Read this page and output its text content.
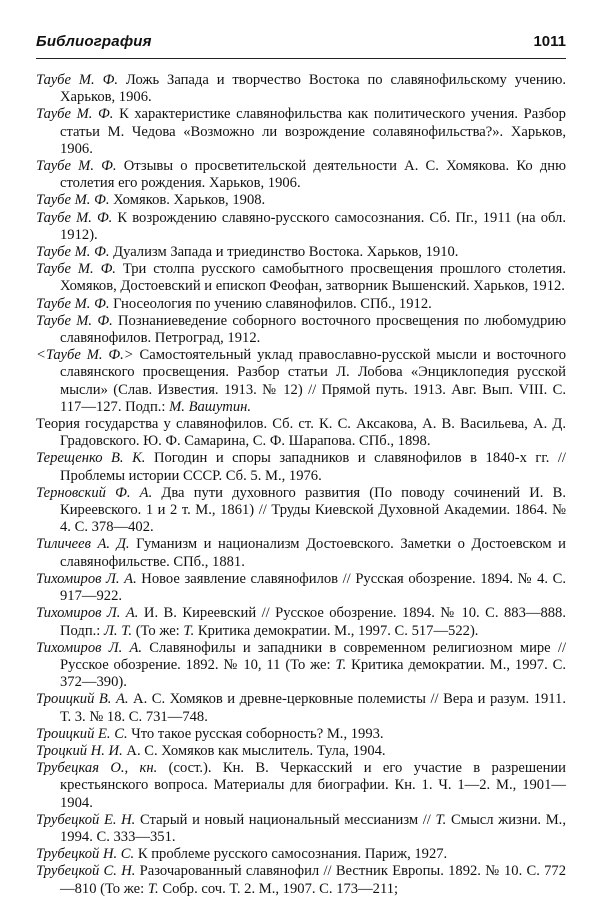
Библиография	1011

Таубе М. Ф. Ложь Запада и творчество Востока по славянофильскому учению. Харьков, 1906.

Таубе М. Ф. К характеристике славянофильства как политического учения. Разбор статьи М. Чедова «Возможно ли возрождение солавянофильства?». Харьков, 1906.

Таубе М. Ф. Отзывы о просветительской деятельности А. С. Хомякова. Ко дню столетия его рождения. Харьков, 1906.

Таубе М. Ф. Хомяков. Харьков, 1908.

Таубе М. Ф. К возрождению славяно-русского самосознания. Сб. Пг., 1911 (на обл. 1912).

Таубе М. Ф. Дуализм Запада и триединство Востока. Харьков, 1910.

Таубе М. Ф. Три столпа русского самобытного просвещения прошлого столетия. Хомяков, Достоевский и епископ Феофан, затворник Вышенский. Харьков, 1912.

Таубе М. Ф. Гносеология по учению славянофилов. СПб., 1912.

Таубе М. Ф. Познаниеведение соборного восточного просвещения по любомудрию славянофилов. Петроград, 1912.

<Таубе М. Ф.> Самостоятельный уклад православно-русской мысли и восточного славянского просвещения. Разбор статьи Л. Лобова «Энциклопедия русской мысли» (Слав. Известия. 1913. № 12) // Прямой путь. 1913. Авг. Вып. VIII. С. 117—127. Подп.: М. Вашутин.

Теория государства у славянофилов. Сб. ст. К. С. Аксакова, А. В. Васильева, А. Д. Градовского. Ю. Ф. Самарина, С. Ф. Шарапова. СПб., 1898.

Терещенко В. К. Погодин и споры западников и славянофилов в 1840-х гг. // Проблемы истории СССР. Сб. 5. М., 1976.

Терновский Ф. А. Два пути духовного развития (По поводу сочинений И. В. Киреевского. 1 и 2 т. М., 1861) // Труды Киевской Духовной Академии. 1864. № 4. С. 378—402.

Тиличеев А. Д. Гуманизм и национализм Достоевского. Заметки о Достоевском и славянофильстве. СПб., 1881.

Тихомиров Л. А. Новое заявление славянофилов // Русская обозрение. 1894. № 4. С. 917—922.

Тихомиров Л. А. И. В. Киреевский // Русское обозрение. 1894. № 10. С. 883—888. Подп.: Л. Т. (То же: Т. Критика демократии. М., 1997. С. 517—522).

Тихомиров Л. А. Славянофилы и западники в современном религиозном мире // Русское обозрение. 1892. № 10, 11 (То же: Т. Критика демократии. М., 1997. С. 372—390).

Троицкий В. А. А. С. Хомяков и древне-церковные полемисты // Вера и разум. 1911. Т. 3. № 18. С. 731—748.

Троицкий Е. С. Что такое русская соборность? М., 1993.

Троцкий Н. И. А. С. Хомяков как мыслитель. Тула, 1904.

Трубецкая О., кн. (сост.). Кн. В. Черкасский и его участие в разрешении крестьянского вопроса. Материалы для биографии. Кн. 1. Ч. 1—2. М., 1901—1904.

Трубецкой Е. Н. Старый и новый национальный мессианизм // Т. Смысл жизни. М., 1994. С. 333—351.

Трубецкой Н. С. К проблеме русского самосознания. Париж, 1927.

Трубецкой С. Н. Разочарованный славянофил // Вестник Европы. 1892. № 10. С. 772—810 (То же: Т. Собр. соч. Т. 2. М., 1907. С. 173—211;
